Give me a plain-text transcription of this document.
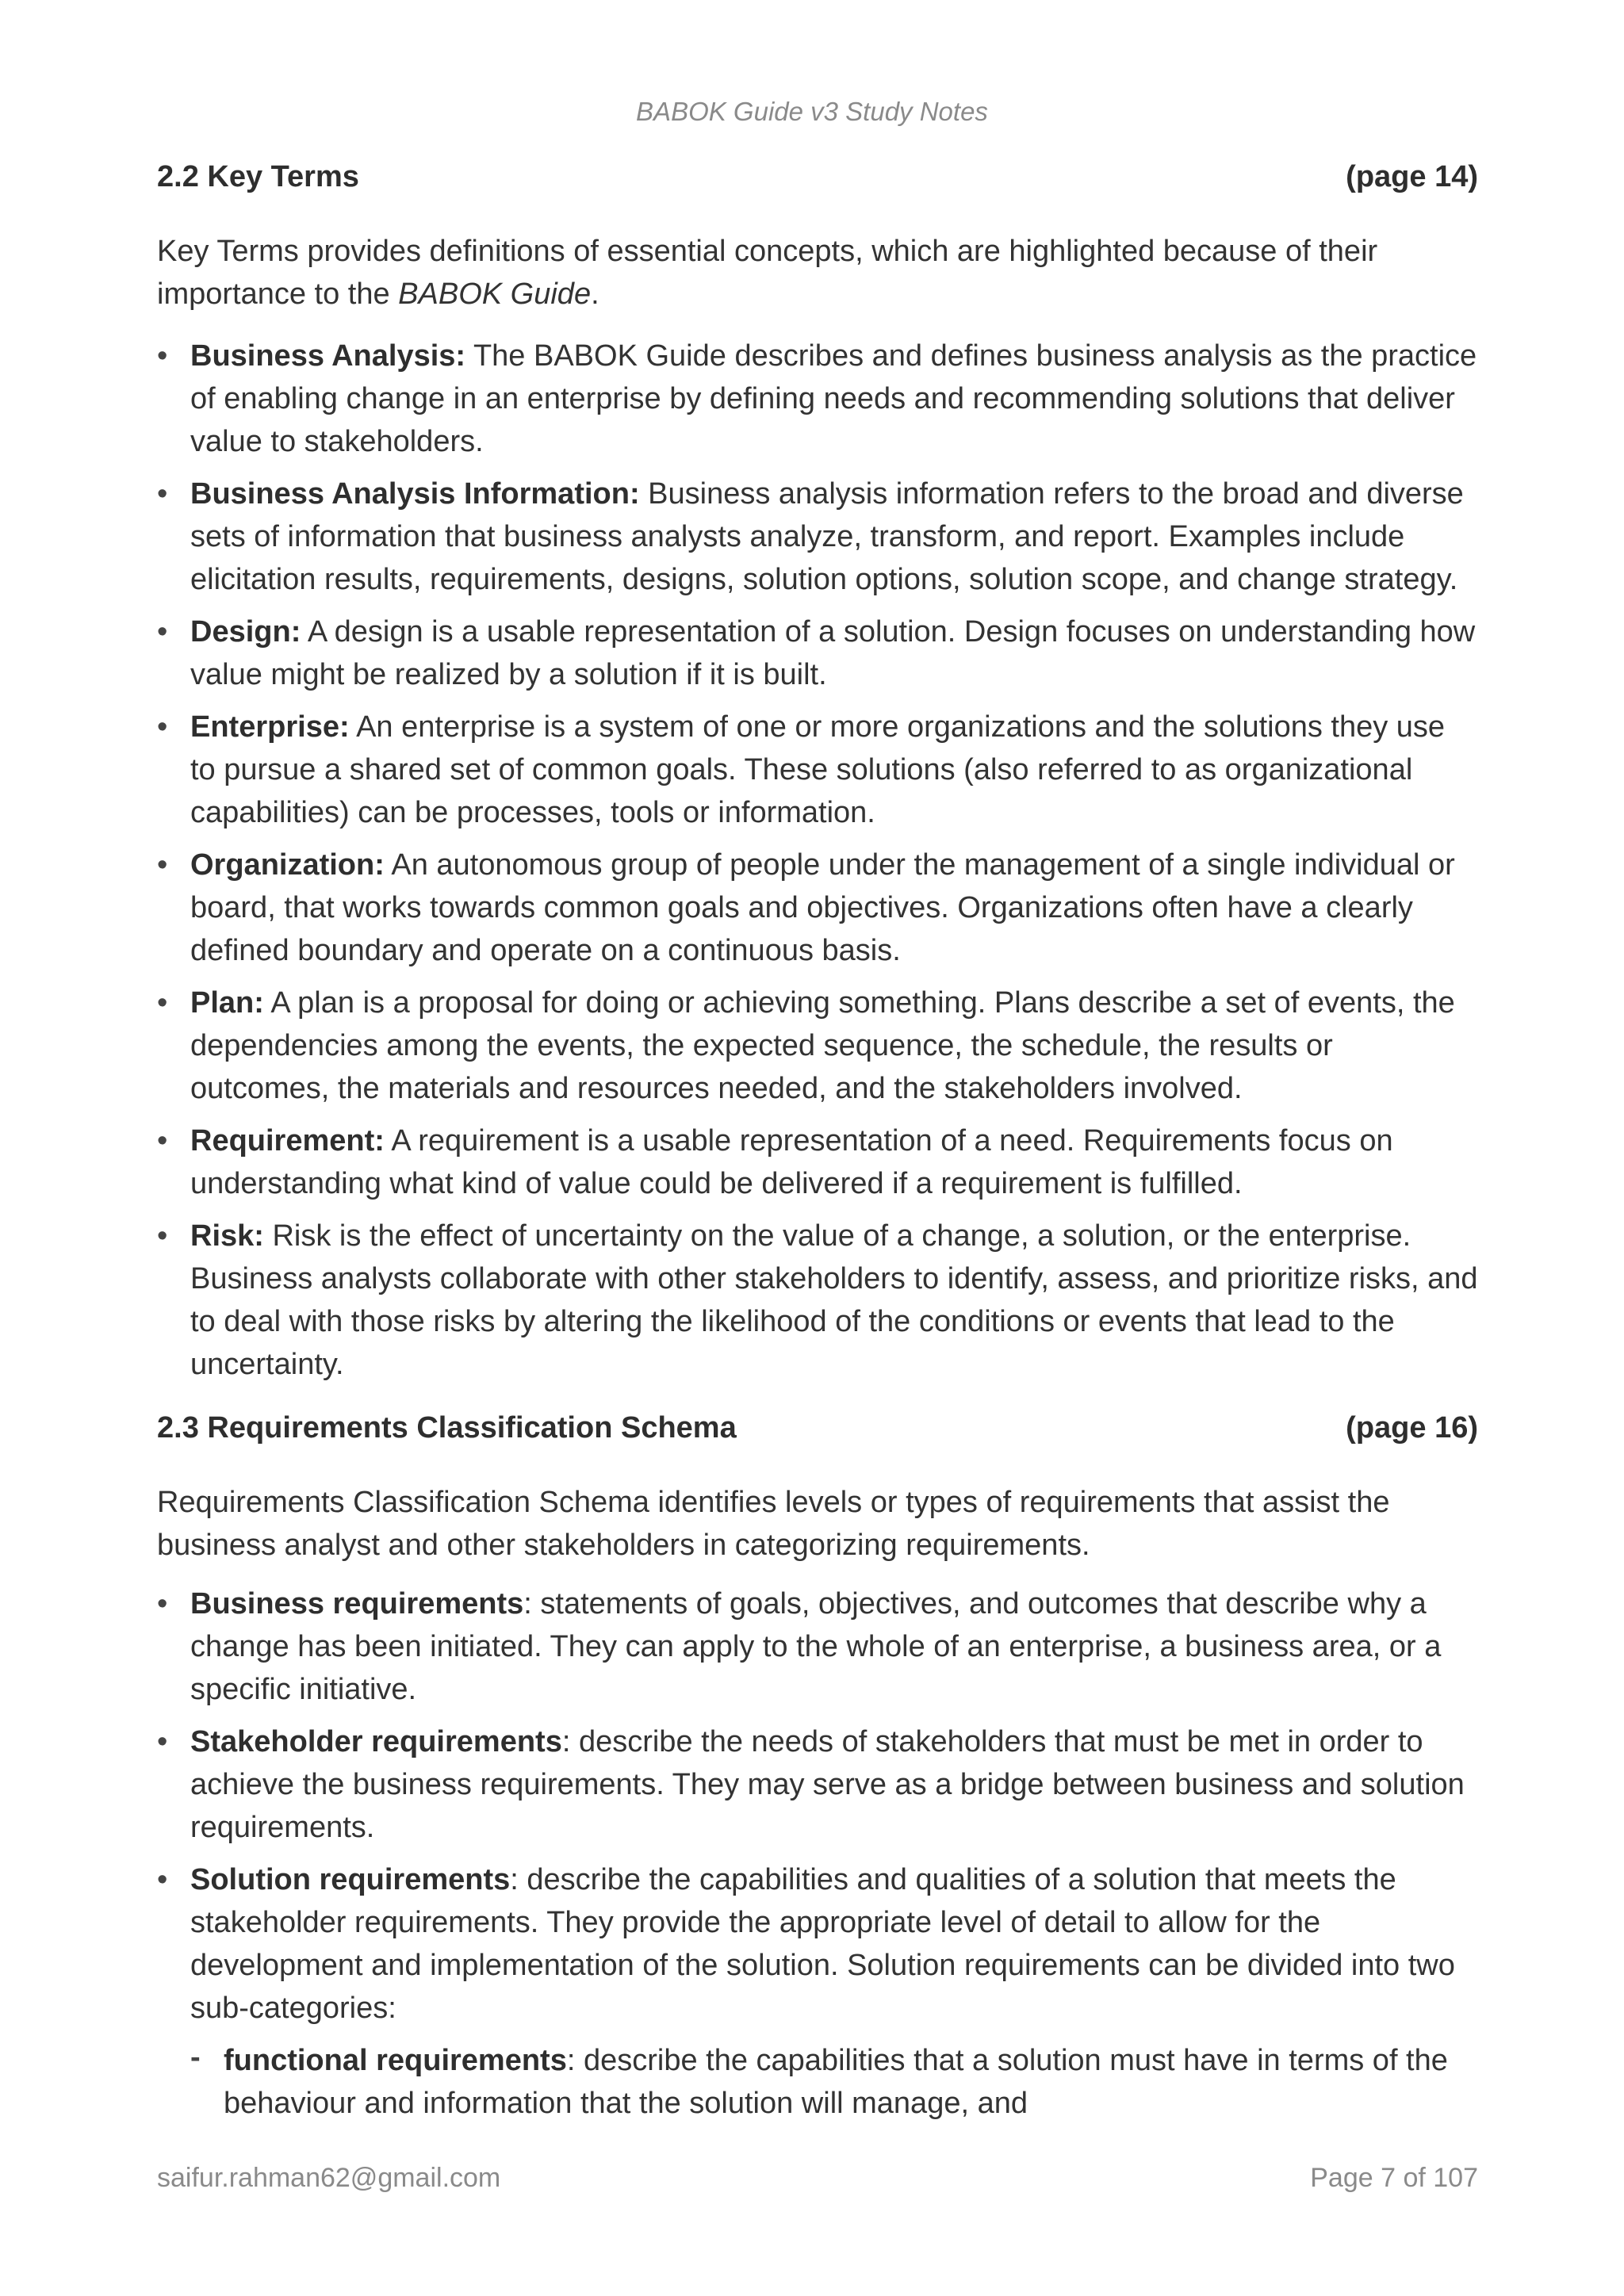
BABOK Guide v3 Study Notes
2.2 Key Terms	(page 14)

Key Terms provides definitions of essential concepts, which are highlighted because of their importance to the BABOK Guide.

• Business Analysis: The BABOK Guide describes and defines business analysis as the practice of enabling change in an enterprise by defining needs and recommending solutions that deliver value to stakeholders.
• Business Analysis Information: Business analysis information refers to the broad and diverse sets of information that business analysts analyze, transform, and report. Examples include elicitation results, requirements, designs, solution options, solution scope, and change strategy.
• Design: A design is a usable representation of a solution. Design focuses on understanding how value might be realized by a solution if it is built.
• Enterprise: An enterprise is a system of one or more organizations and the solutions they use to pursue a shared set of common goals. These solutions (also referred to as organizational capabilities) can be processes, tools or information.
• Organization: An autonomous group of people under the management of a single individual or board, that works towards common goals and objectives. Organizations often have a clearly defined boundary and operate on a continuous basis.
• Plan: A plan is a proposal for doing or achieving something. Plans describe a set of events, the dependencies among the events, the expected sequence, the schedule, the results or outcomes, the materials and resources needed, and the stakeholders involved.
• Requirement: A requirement is a usable representation of a need. Requirements focus on understanding what kind of value could be delivered if a requirement is fulfilled.
• Risk: Risk is the effect of uncertainty on the value of a change, a solution, or the enterprise. Business analysts collaborate with other stakeholders to identify, assess, and prioritize risks, and to deal with those risks by altering the likelihood of the conditions or events that lead to the uncertainty.
2.3 Requirements Classification Schema	(page 16)

Requirements Classification Schema identifies levels or types of requirements that assist the business analyst and other stakeholders in categorizing requirements.

• Business requirements: statements of goals, objectives, and outcomes that describe why a change has been initiated. They can apply to the whole of an enterprise, a business area, or a specific initiative.
• Stakeholder requirements: describe the needs of stakeholders that must be met in order to achieve the business requirements. They may serve as a bridge between business and solution requirements.
• Solution requirements: describe the capabilities and qualities of a solution that meets the stakeholder requirements. They provide the appropriate level of detail to allow for the development and implementation of the solution. Solution requirements can be divided into two sub-categories:
- functional requirements: describe the capabilities that a solution must have in terms of the behaviour and information that the solution will manage, and
saifur.rahman62@gmail.com	Page 7 of 107
